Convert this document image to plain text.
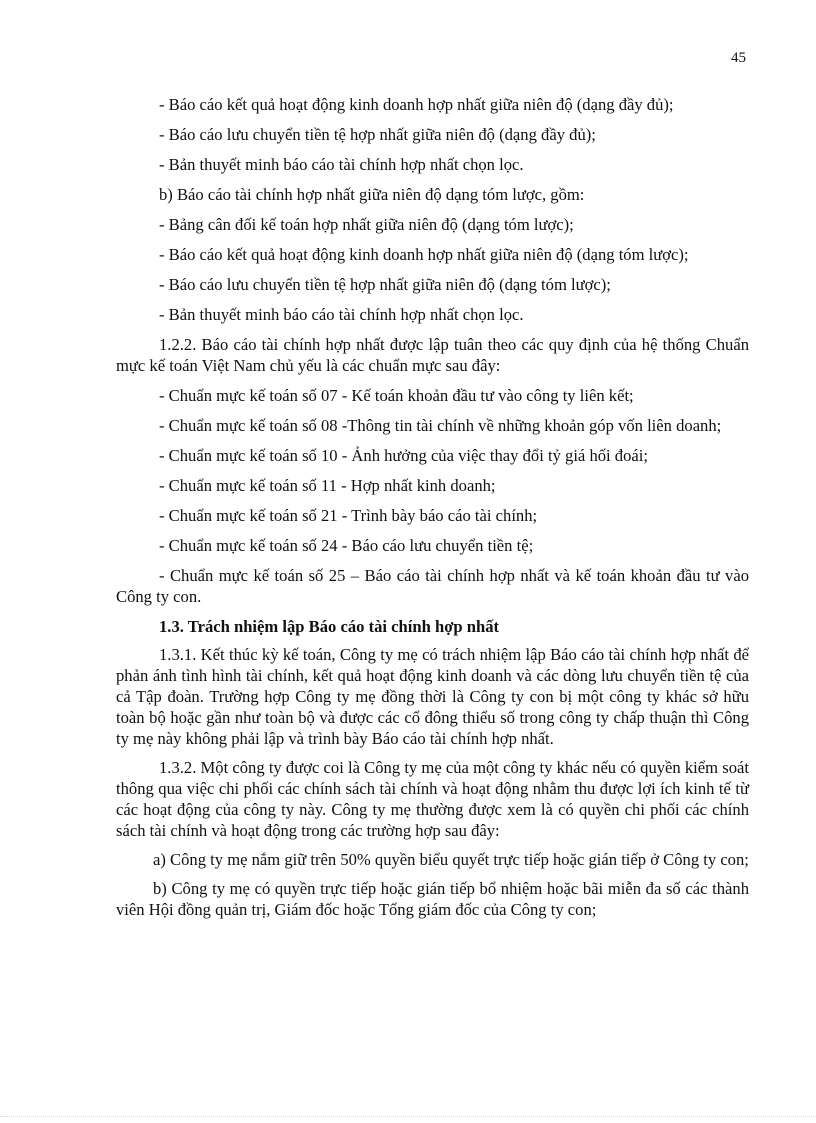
45

- Báo cáo kết quả hoạt động kinh doanh hợp nhất giữa niên độ (dạng đầy đủ);

- Báo cáo lưu chuyển tiền tệ hợp nhất giữa niên độ (dạng đầy đủ);

- Bản thuyết minh báo cáo tài chính hợp nhất chọn lọc.

b) Báo cáo tài chính hợp nhất giữa niên độ dạng tóm lược, gồm:

- Bảng cân đối kế toán hợp nhất giữa niên độ (dạng tóm lược);

- Báo cáo kết quả hoạt động kinh doanh hợp nhất giữa niên độ (dạng tóm lược);

- Báo cáo lưu chuyển tiền tệ hợp nhất giữa niên độ (dạng tóm lược);

- Bản thuyết minh báo cáo tài chính hợp nhất chọn lọc.

1.2.2. Báo cáo tài chính hợp nhất được lập tuân theo các quy định của hệ thống Chuẩn mực kế toán Việt Nam chủ yếu là các chuẩn mực sau đây:

- Chuẩn mực kế toán số 07 - Kế toán khoản đầu tư vào công ty liên kết;

- Chuẩn mực kế toán số 08 -Thông tin tài chính về những khoản góp vốn liên doanh;

- Chuẩn mực kế toán số 10 - Ảnh hưởng của việc thay đổi tỷ giá hối đoái;

- Chuẩn mực kế toán số 11 - Hợp nhất kinh doanh;

- Chuẩn mực kế toán số 21 - Trình bày báo cáo tài chính;

- Chuẩn mực kế toán số 24 - Báo cáo lưu chuyển tiền tệ;

- Chuẩn mực kế toán số 25 – Báo cáo tài chính hợp nhất và kế toán khoản đầu tư vào Công ty con.

1.3. Trách nhiệm lập Báo cáo tài chính hợp nhất

1.3.1. Kết thúc kỳ kế toán, Công ty mẹ có trách nhiệm lập Báo cáo tài chính hợp nhất để phản ánh tình hình tài chính, kết quả hoạt động kinh doanh và các dòng lưu chuyển tiền tệ của cả Tập đoàn. Trường hợp Công ty mẹ đồng thời là Công ty con bị một công ty khác sở hữu toàn bộ hoặc gần như toàn bộ và được các cổ đông thiểu số trong công ty chấp thuận thì Công ty mẹ này không phải lập và trình bày Báo cáo tài chính hợp nhất.

1.3.2. Một công ty được coi là Công ty mẹ của một công ty khác nếu có quyền kiểm soát thông qua việc chi phối các chính sách tài chính và hoạt động nhằm thu được lợi ích kinh tế từ các hoạt động của công ty này. Công ty mẹ thường được xem là có quyền chi phối các chính sách tài chính và hoạt động trong các trường hợp sau đây:

a) Công ty mẹ nắm giữ trên 50% quyền biểu quyết trực tiếp hoặc gián tiếp ở Công ty con;

b) Công ty mẹ có quyền trực tiếp hoặc gián tiếp bổ nhiệm hoặc bãi miễn đa số các thành viên Hội đồng quản trị, Giám đốc hoặc Tổng giám đốc của Công ty con;
